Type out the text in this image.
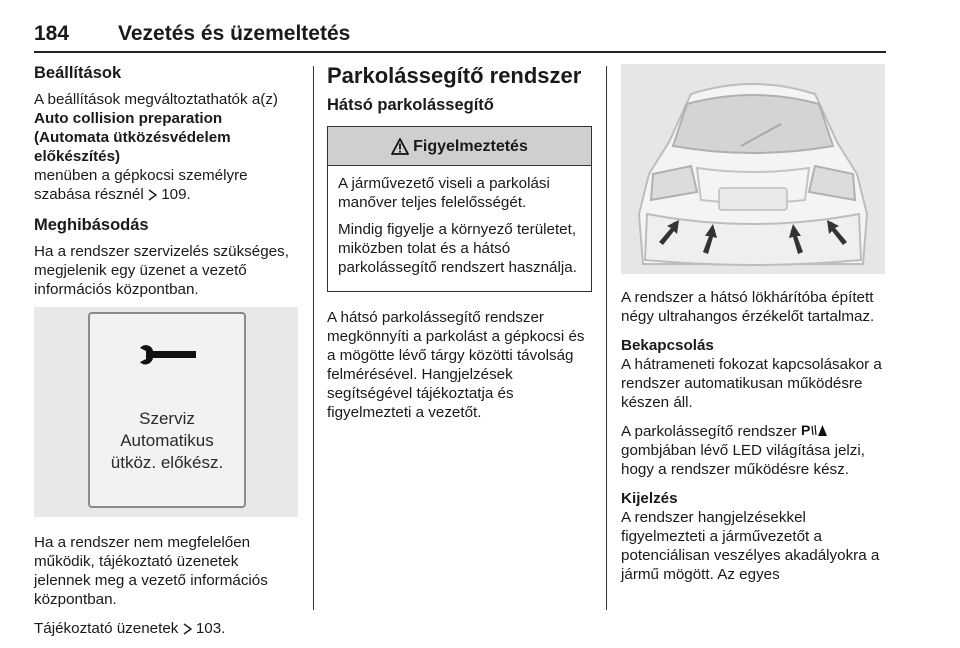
184 Vezetés és üzemeltetés
Beállítások

A beállítások megváltoztathatók a(z)
Auto collision preparation (Automata ütközésvédelem előkészítés)
menüben a gépkocsi személyre szabása résznél 109.

Meghibásodás

Ha a rendszer szervizelés szükséges, megjelenik egy üzenet a vezető információs központban.

Szerviz
Automatikus
ütköz. előkész.

Ha a rendszer nem megfelelően működik, tájékoztató üzenetek jelennek meg a vezető információs központban.

Tájékoztató üzenetek 103.

Parkolássegítő rendszer
Hátsó parkolássegítő
Figyelmeztetés

A járművezető viseli a parkolási manőver teljes felelősségét.

Mindig figyelje a környező területet, miközben tolat és a hátsó parkolássegítő rendszert használja.

A hátsó parkolássegítő rendszer megkönnyíti a parkolást a gépkocsi és a mögötte lévő tárgy közötti távolság felmérésével. Hangjelzések segítségével tájékoztatja és figyelmezteti a vezetőt.

A rendszer a hátsó lökhárítóba épített négy ultrahangos érzékelőt tartalmaz.

Bekapcsolás

A hátrameneti fokozat kapcsolásakor a rendszer automatikusan működésre készen áll.

A parkolássegítő rendszer P
gombjában lévő LED világítása jelzi, hogy a rendszer működésre kész.

Kijelzés

A rendszer hangjelzésekkel figyelmezteti a járművezetőt a potenciálisan veszélyes akadályokra a jármű mögött. Az egyes
